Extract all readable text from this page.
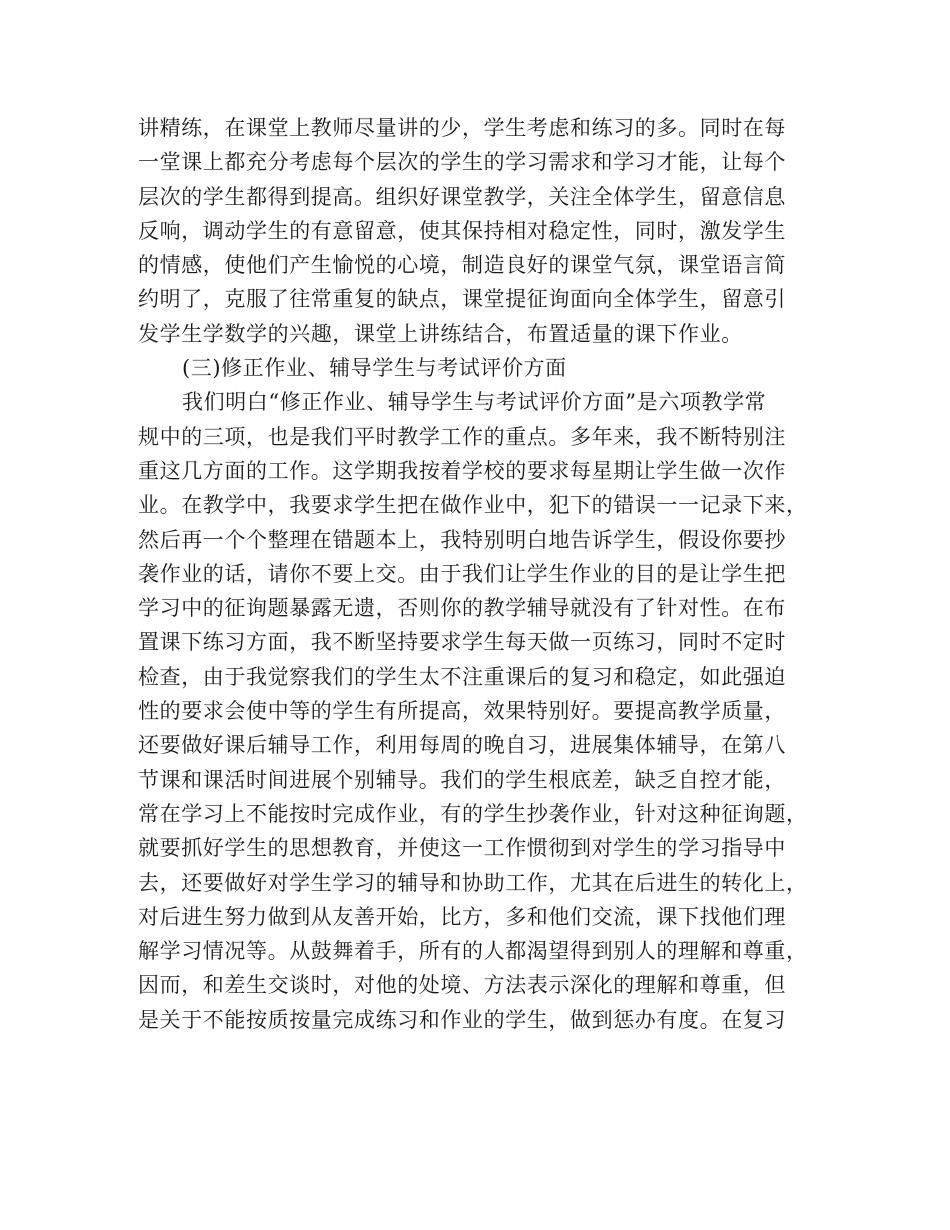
讲精练，在课堂上教师尽量讲的少，学生考虑和练习的多。同时在每
一堂课上都充分考虑每个层次的学生的学习需求和学习才能，让每个
层次的学生都得到提高。组织好课堂教学，关注全体学生，留意信息
反响，调动学生的有意留意，使其保持相对稳定性，同时，激发学生
的情感，使他们产生愉悦的心境，制造良好的课堂气氛，课堂语言简
约明了，克服了往常重复的缺点，课堂提征询面向全体学生，留意引
发学生学数学的兴趣，课堂上讲练结合，布置适量的课下作业。
(三)修正作业、辅导学生与考试评价方面
我们明白“修正作业、辅导学生与考试评价方面”是六项教学常
规中的三项，也是我们平时教学工作的重点。多年来，我不断特别注
重这几方面的工作。这学期我按着学校的要求每星期让学生做一次作
业。在教学中，我要求学生把在做作业中，犯下的错误一一记录下来，
然后再一个个整理在错题本上，我特别明白地告诉学生，假设你要抄
袭作业的话，请你不要上交。由于我们让学生作业的目的是让学生把
学习中的征询题暴露无遗，否则你的教学辅导就没有了针对性。在布
置课下练习方面，我不断坚持要求学生每天做一页练习，同时不定时
检查，由于我觉察我们的学生太不注重课后的复习和稳定，如此强迫
性的要求会使中等的学生有所提高，效果特别好。要提高教学质量，
还要做好课后辅导工作，利用每周的晚自习，进展集体辅导，在第八
节课和课活时间进展个别辅导。我们的学生根底差，缺乏自控才能，
常在学习上不能按时完成作业，有的学生抄袭作业，针对这种征询题，
就要抓好学生的思想教育，并使这一工作惯彻到对学生的学习指导中
去，还要做好对学生学习的辅导和协助工作，尤其在后进生的转化上，
对后进生努力做到从友善开始，比方，多和他们交流，课下找他们理
解学习情况等。从鼓舞着手，所有的人都渴望得到别人的理解和尊重，
因而，和差生交谈时，对他的处境、方法表示深化的理解和尊重，但
是关于不能按质按量完成练习和作业的学生，做到惩办有度。在复习
